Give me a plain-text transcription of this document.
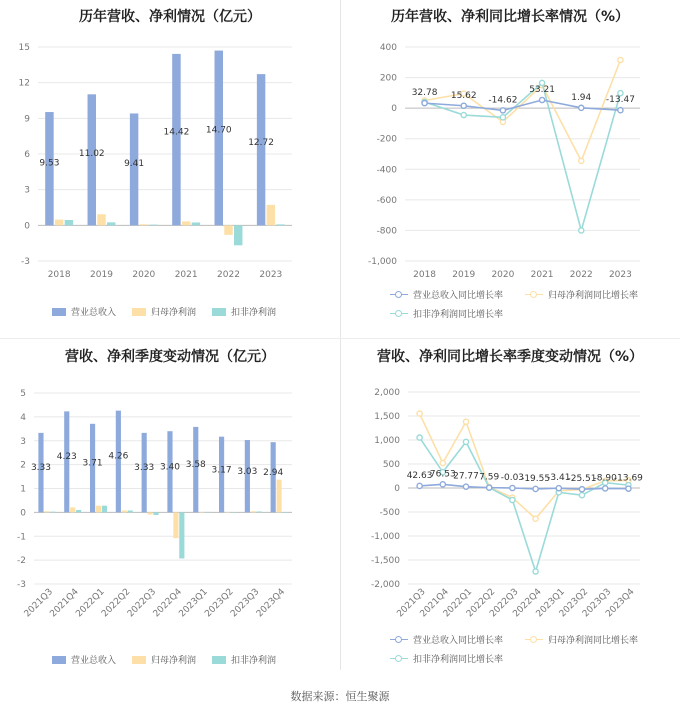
历年营收、净利情况（亿元）
-3
0
3
6
9
12
15
2018 2019 2020 2021 2022 2023
9.53
11.02
9.41
14.42 14.70
12.72
营业总收入	归母净利润	扣非净利润
历年营收、净利同比增长率情况（%）
-1,000
-800
-600
-400
-200
0
200
400
2018 2019 2020 2021 2022 2023
32.78 15.62 -14.62
53.21
1.94 -13.47
营业总收入同比增长率	归母净利润同比增长率
扣非净利润同比增长率
营收、净利季度变动情况（亿元）
-3
-2
-1
0
1
2
3
4
5
2021Q3
2021Q4
2022Q1
2022Q2
2022Q3
2022Q4
2023Q1
2023Q2
2023Q3
2023Q4
3.33
4.23
3.71
4.26
3.33 3.40 3.58
3.17 3.03 2.94
营业总收入	归母净利润	扣非净利润
营收、净利同比增长率季度变动情况（%）
-2,000
-1,500
-1,000
-500
0
500
1,000
1,500
2,000
2021Q3
2021Q4
2022Q1
2022Q2
2022Q3
2022Q4
2023Q1
2023Q2
2023Q3
2023Q4
42.63
76.53
27.77 7.59 -0.03
-19.55
-3.41
-25.51
-8.90
-13.69
营业总收入同比增长率	归母净利润同比增长率
扣非净利润同比增长率
数据来源：恒生聚源
